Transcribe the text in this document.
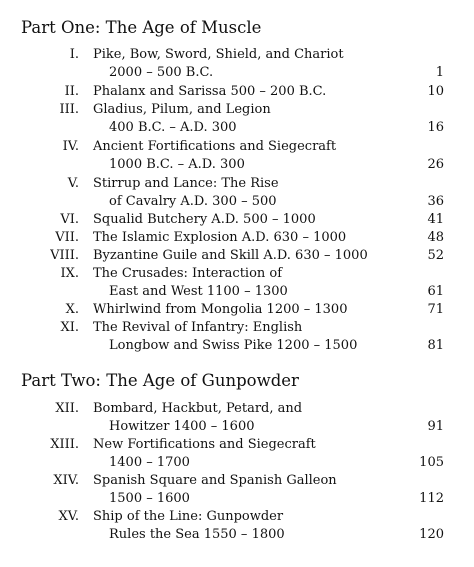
Part One: The Age of Muscle
I. Pike, Bow, Sword, Shield, and Chariot
2000 – 500 B.C.	1
II. Phalanx and Sarissa 500 – 200 B.C.	10
III. Gladius, Pilum, and Legion
400 B.C. – A.D. 300	16
IV. Ancient Fortifications and Siegecraft
1000 B.C. – A.D. 300	26
V. Stirrup and Lance: The Rise
of Cavalry A.D. 300 – 500	36
VI. Squalid Butchery A.D. 500 – 1000	41
VII. The Islamic Explosion A.D. 630 – 1000	48
VIII. Byzantine Guile and Skill A.D. 630 – 1000	52
IX. The Crusades: Interaction of
East and West 1100 – 1300	61
X. Whirlwind from Mongolia 1200 – 1300	71
XI. The Revival of Infantry: English
Longbow and Swiss Pike 1200 – 1500	81
Part Two: The Age of Gunpowder
XII. Bombard, Hackbut, Petard, and
Howitzer 1400 – 1600	91
XIII. New Fortifications and Siegecraft
1400 – 1700	105
XIV. Spanish Square and Spanish Galleon
1500 – 1600	112
XV. Ship of the Line: Gunpowder
Rules the Sea 1550 – 1800	120
